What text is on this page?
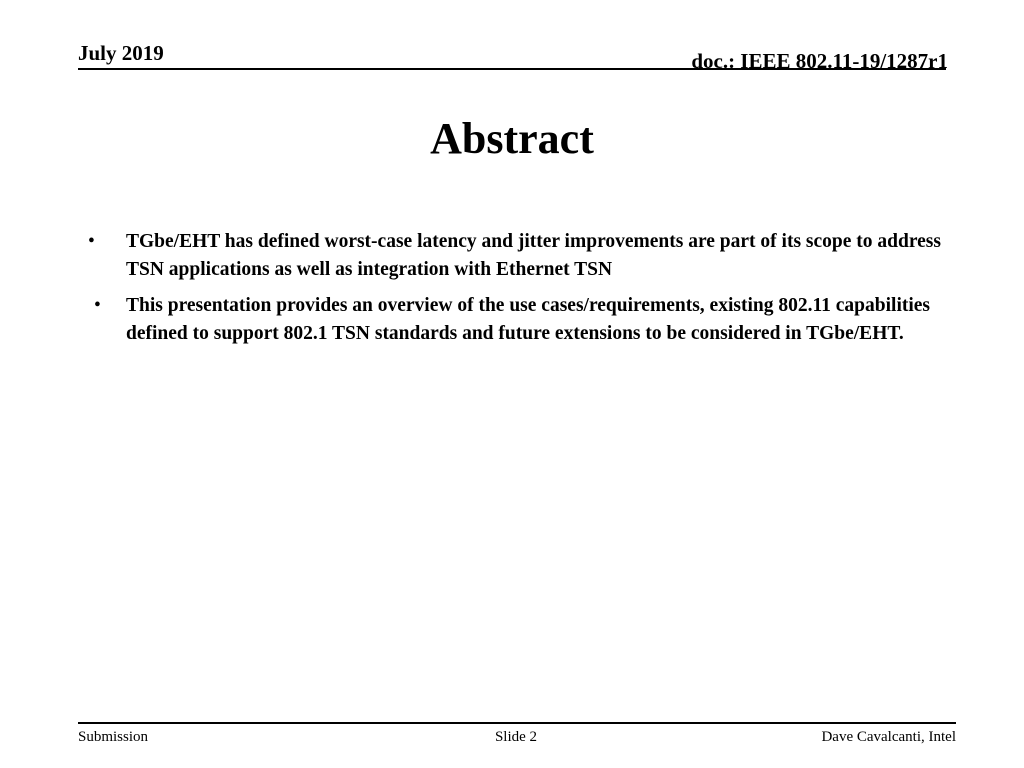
July 2019	doc.: IEEE 802.11-19/1287r1
Abstract
• TGbe/EHT has defined worst-case latency and jitter improvements are part of its scope to address TSN applications as well as integration with Ethernet TSN
• This presentation provides an overview of the use cases/requirements, existing 802.11 capabilities defined to support 802.1 TSN standards and future extensions to be considered in TGbe/EHT.
Submission	Slide 2	Dave Cavalcanti, Intel
